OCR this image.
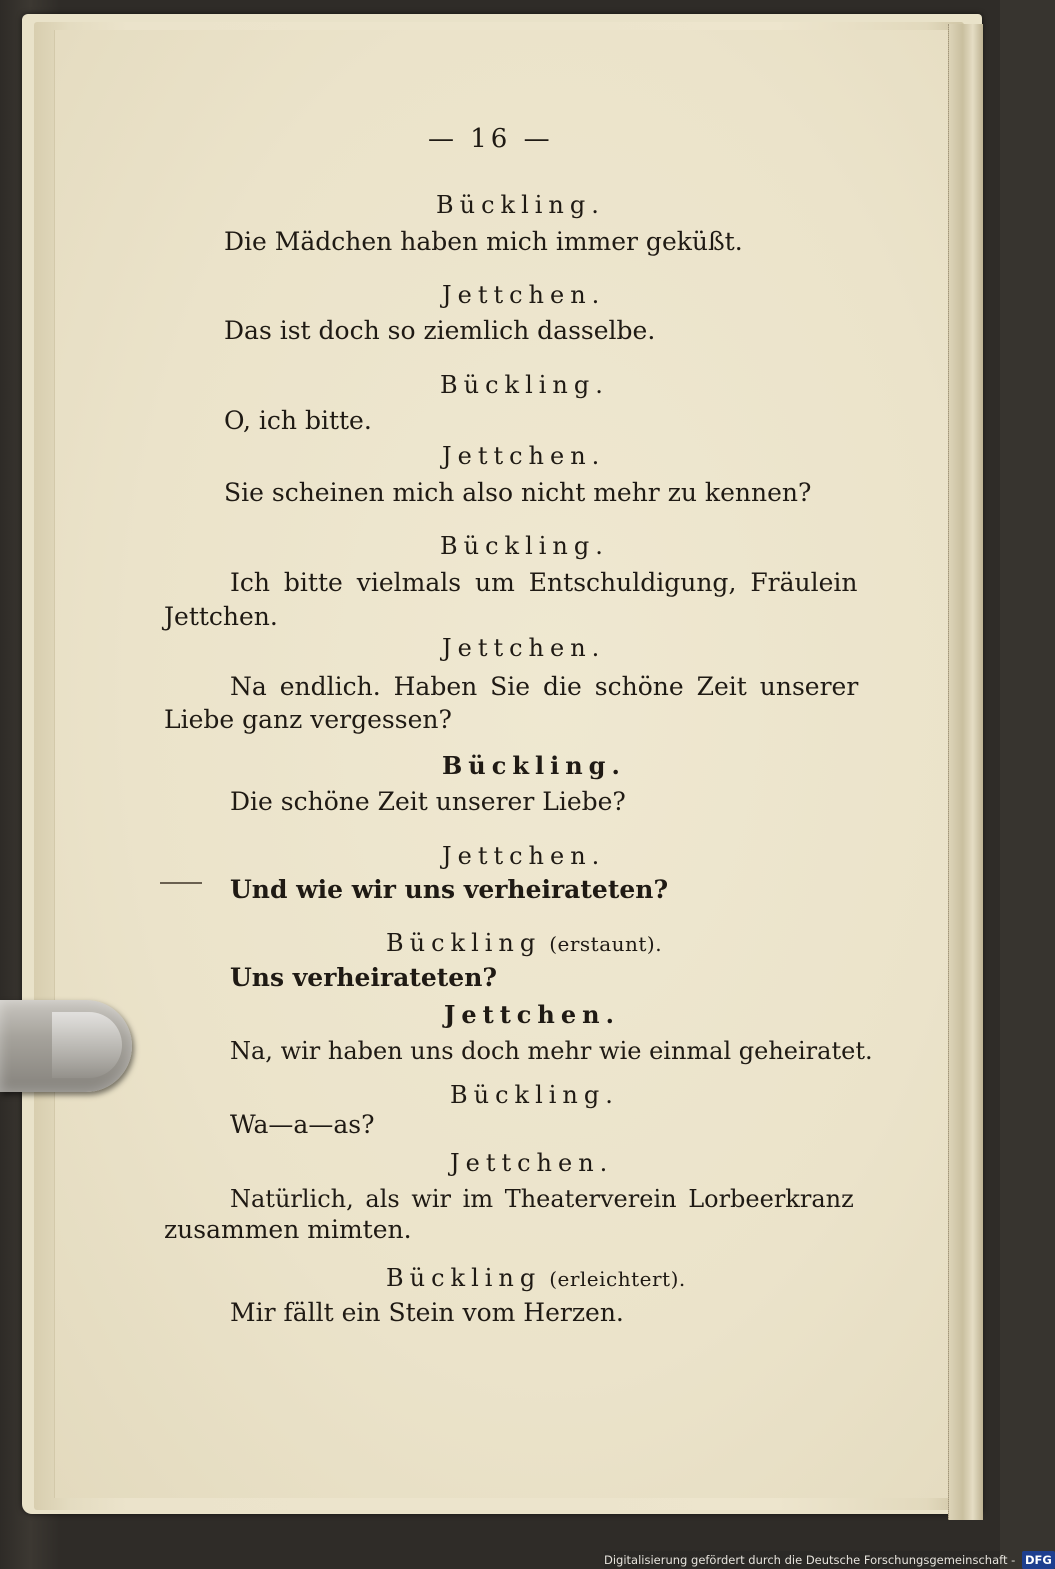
— 16 —
Bückling.
Die Mädchen haben mich immer geküßt.
Jettchen.
Das ist doch so ziemlich dasselbe.
Bückling.
O, ich bitte.
Jettchen.
Sie scheinen mich also nicht mehr zu kennen?
Bückling.
Ich bitte vielmals um Entschuldigung, Fräulein
Jettchen.
Jettchen.
Na endlich. Haben Sie die schöne Zeit unserer
Liebe ganz vergessen?
Bückling.
Die schöne Zeit unserer Liebe?
Jettchen.
Und wie wir uns verheirateten?
Bückling (erstaunt).
Uns verheirateten?
Jettchen.
Na, wir haben uns doch mehr wie einmal geheiratet.
Bückling.
Wa—a—as?
Jettchen.
Natürlich, als wir im Theaterverein Lorbeerkranz
zusammen mimten.
Bückling (erleichtert).
Mir fällt ein Stein vom Herzen.
Digitalisierung gefördert durch die Deutsche Forschungsgemeinschaft - DFG
